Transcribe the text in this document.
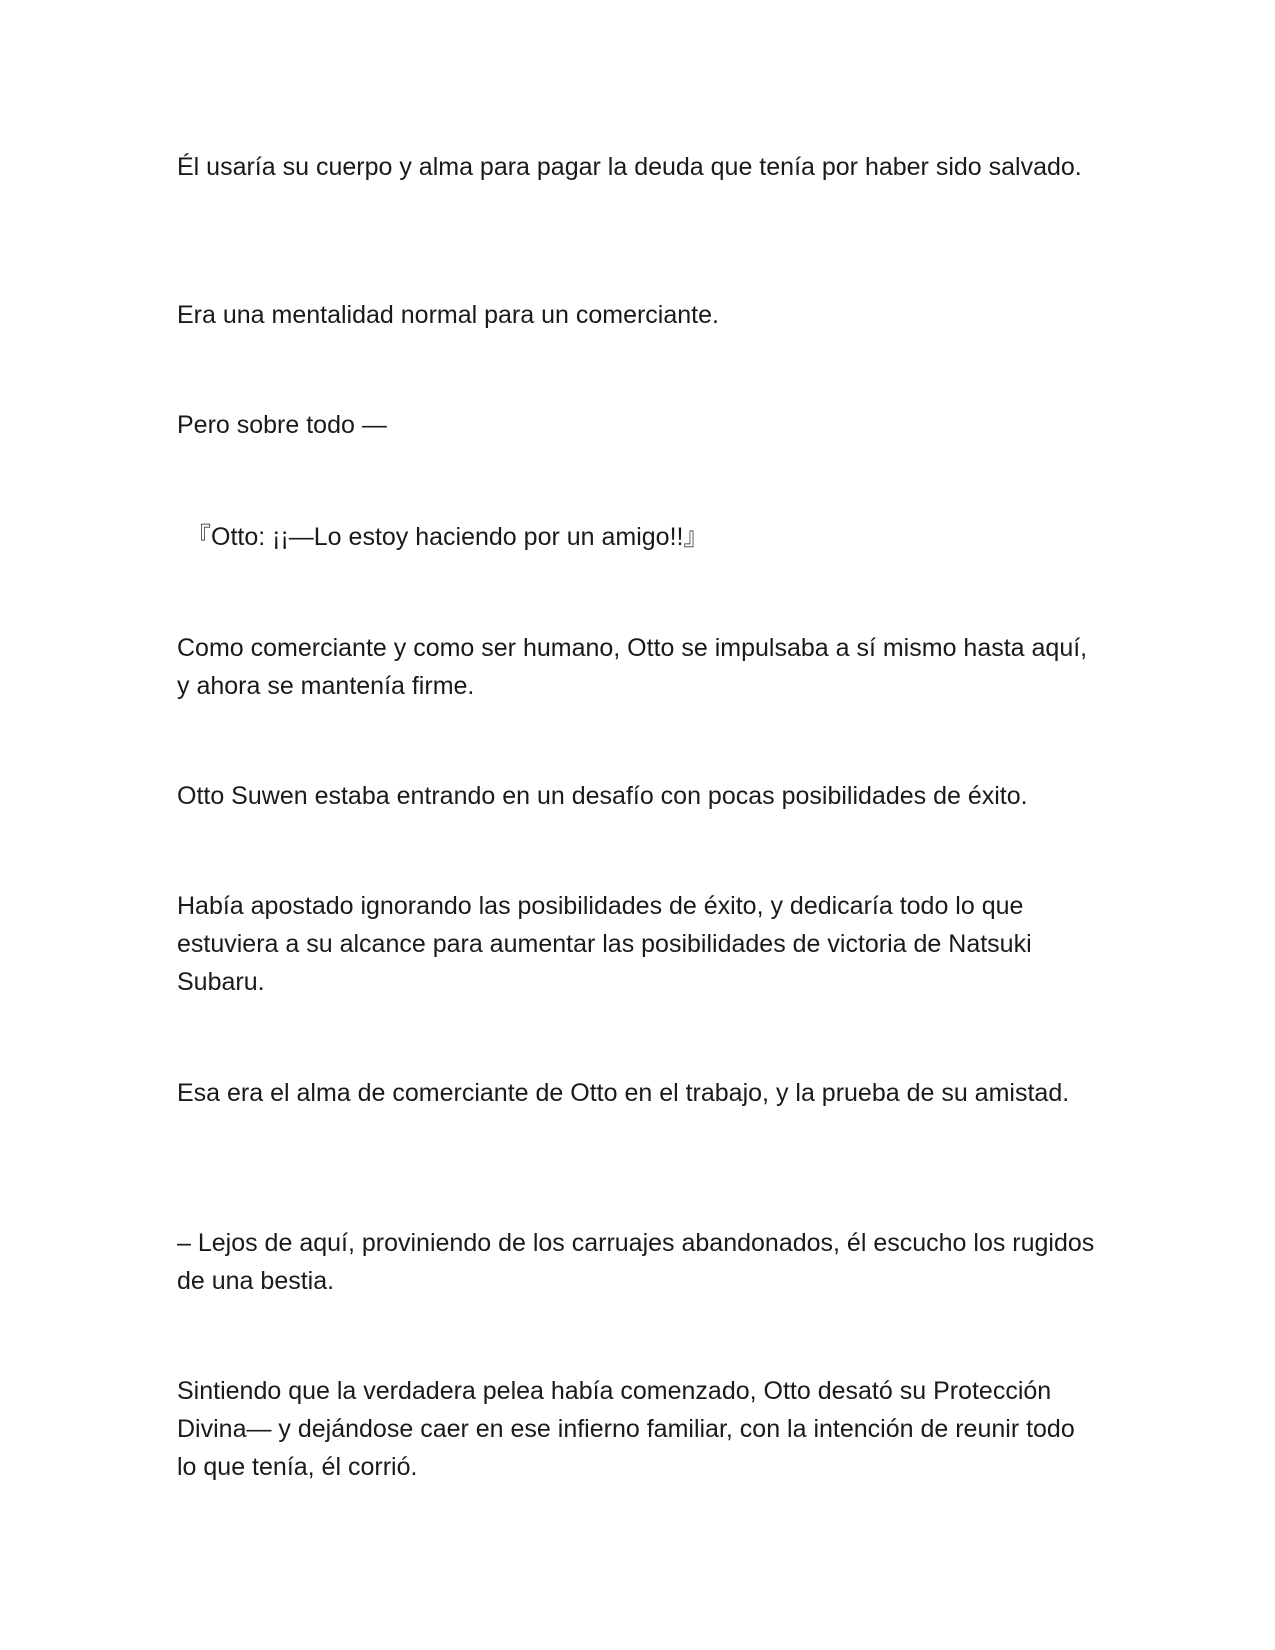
Él usaría su cuerpo y alma para pagar la deuda que tenía por haber sido salvado.

Era una mentalidad normal para un comerciante.

Pero sobre todo —

『Otto: ¡¡—Lo estoy haciendo por un amigo!!』

Como comerciante y como ser humano, Otto se impulsaba a sí mismo hasta aquí, y ahora se mantenía firme.

Otto Suwen estaba entrando en un desafío con pocas posibilidades de éxito.

Había apostado ignorando las posibilidades de éxito, y dedicaría todo lo que estuviera a su alcance para aumentar las posibilidades de victoria de Natsuki Subaru.

Esa era el alma de comerciante de Otto en el trabajo, y la prueba de su amistad.

– Lejos de aquí, proviniendo de los carruajes abandonados, él escucho los rugidos de una bestia.

Sintiendo que la verdadera pelea había comenzado, Otto desató su Protección Divina— y dejándose caer en ese infierno familiar, con la intención de reunir todo lo que tenía, él corrió.
